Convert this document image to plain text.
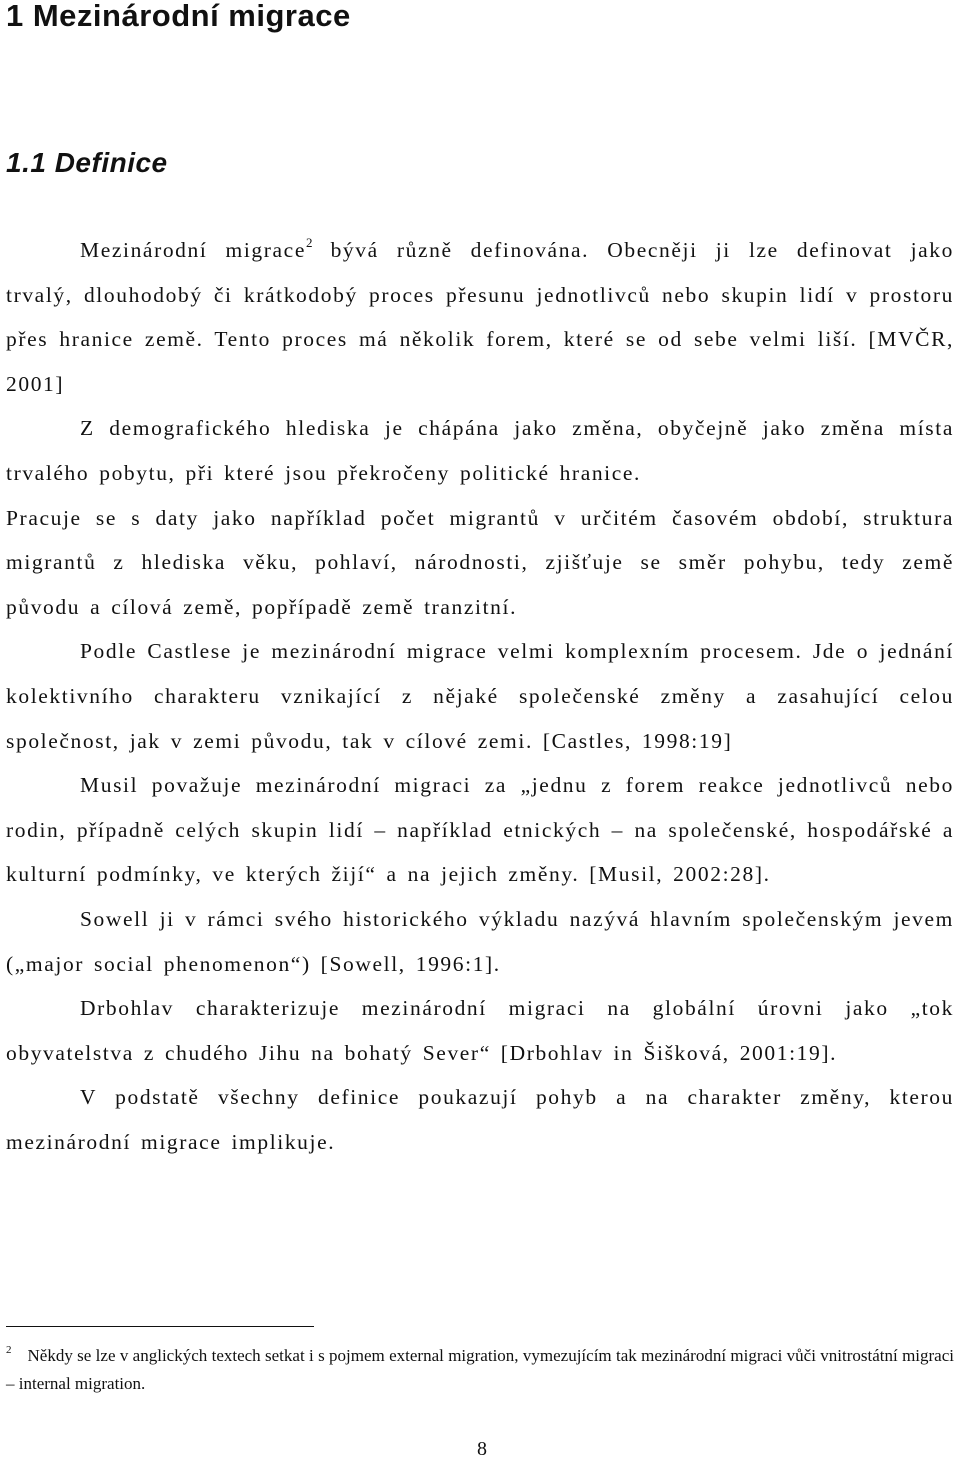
1 Mezinárodní migrace
1.1 Definice

Mezinárodní migrace$^2$ bývá různě definována. Obecněji ji lze definovat jako trvalý, dlouhodobý či krátkodobý proces přesunu jednotlivců nebo skupin lidí v prostoru přes hranice země. Tento proces má několik forem, které se od sebe velmi liší. [MVČR, 2001]

Z demografického hlediska je chápána jako změna, obyčejně jako změna místa trvalého pobytu, při které jsou překročeny politické hranice.

Pracuje se s daty jako například počet migrantů v určitém časovém období, struktura migrantů z hlediska věku, pohlaví, národnosti, zjišťuje se směr pohybu, tedy země původu a cílová země, popřípadě země tranzitní.

Podle Castlese je mezinárodní migrace velmi komplexním procesem. Jde o jednání kolektivního charakteru vznikající z nějaké společenské změny a zasahující celou společnost, jak v zemi původu, tak v cílové zemi. [Castles, 1998:19]

Musil považuje mezinárodní migraci za „jednu z forem reakce jednotlivců nebo rodin, případně celých skupin lidí – například etnických – na společenské, hospodářské a kulturní podmínky, ve kterých žijí“ a na jejich změny. [Musil, 2002:28].

Sowell ji v rámci svého historického výkladu nazývá hlavním společenským jevem („major social phenomenon“) [Sowell, 1996:1].

Drbohlav charakterizuje mezinárodní migraci na globální úrovni jako „tok obyvatelstva z chudého Jihu na bohatý Sever“ [Drbohlav in Šišková, 2001:19].

V podstatě všechny definice poukazují pohyb a na charakter změny, kterou mezinárodní migrace implikuje.

$^2$ Někdy se lze v anglických textech setkat i s pojmem external migration, vymezujícím tak mezinárodní migraci vůči vnitrostátní migraci – internal migration.
8
